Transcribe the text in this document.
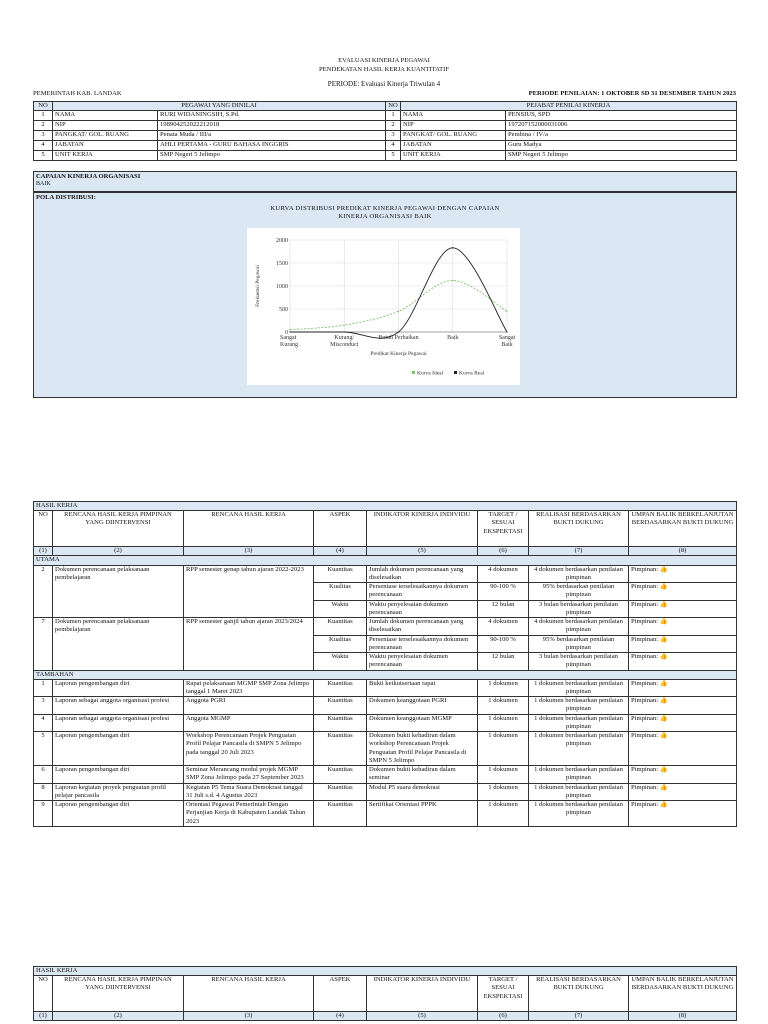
EVALUASI KINERJA PEGAWAI
PENDEKATAN HASIL KERJA KUANTITATIF
PERIODE: Evaluasi Kinerja Triwulan 4
PEMERINTAH KAB. LANDAK	PERIODE PENILAIAN: 1 OKTOBER SD 31 DESEMBER TAHUN 2023
NO	PEGAWAI YANG DINILAI		NO	PEJABAT PENILAI KINERJA	
1	NAMA	RURI WIDANINGSIH, S.Pd.	1	NAMA	PENSIUS, SPD
2	NIP	198904252022212018	2	NIP	197207152000031006
3	PANGKAT/ GOL. RUANG	Penata Muda / III/a	3	PANGKAT/ GOL. RUANG	Pembina / IV/a
4	JABATAN	AHLI PERTAMA - GURU BAHASA INGGRIS	4	JABATAN	Guru Madya
5	UNIT KERJA	SMP Negeri 5 Jelimpo	5	UNIT KERJA	SMP Negeri 5 Jelimpo
CAPAIAN KINERJA ORGANISASI
BAIK
POLA DISTRIBUSI:
KURVA DISTRIBUSI PREDIKAT KINERJA PEGAWAI DENGAN CAPAIAN KINERJA ORGANISASI BAIK
0
500
1000
1500
2000
Sangat Kurang
Kurang/ Misconduct
Butuh Perbaikan	Baik	Sangat Baik
Predikat Kinerja Pegawai
Frekuensi Pegawai
Kurva Ideal	Kurva Real
HASIL KERJA							
NO	RENCANA HASIL KERJA PIMPINAN YANG DIINTERVENSI	RENCANA HASIL KERJA	ASPEK	INDIKATOR KINERJA INDIVIDU	TARGET / SESUAI EKSPEKTASI	REALISASI BERDASARKAN BUKTI DUKUNG	UMPAN BALIK BERKELANJUTAN BERDASARKAN BUKTI DUKUNG
(1)	(2)	(3)	(4)	(5)	(6)	(7)	(8)
UTAMA							
2	Dokumen perencanaan pelaksanaan pembelajaran	RPP semester genap tahun ajaran 2022-2023	Kuantitas	Jumlah dokumen perencanaan yang diselesaikan	4 dokumen	4 dokumen berdasarkan penilaian pimpinan	Pimpinan: 👍
			Kualitas	Persentase terselesaikannya dokumen perencanaan	90-100 %	95% berdasarkan penilaian pimpinan	Pimpinan: 👍
			Waktu	Waktu penyelesaian dokumen perencanaan	12 bulan	3 bulan berdasarkan penilaian pimpinan	Pimpinan: 👍
7	Dokumen perencanaan pelaksanaan pembelajaran	RPP semester ganjil tahun ajaran 2023/2024	Kuantitas	Jumlah dokumen perencanaan yang diselesaikan	4 dokumen	4 dokumen berdasarkan penilaian pimpinan	Pimpinan: 👍
			Kualitas	Persentase terselesaikannya dokumen perencanaan	90-100 %	95% berdasarkan penilaian pimpinan	Pimpinan: 👍
			Waktu	Waktu penyelesaian dokumen perencanaan	12 bulan	3 bulan berdasarkan penilaian pimpinan	Pimpinan: 👍
TAMBAHAN							
1	Laporan pengembangan diri	Rapat pelaksanaan MGMP SMP Zona Jelimpo tanggal 1 Maret 2023	Kuantitas	Bukti keikutsertaan rapat	1 dokumen	1 dokumen berdasarkan penilaian pimpinan	Pimpinan: 👍
3	Laporan sebagai anggota organisasi profesi	Anggota PGRI	Kuantitas	Dokumen keanggotaan PGRI	1 dokumen	1 dokumen berdasarkan penilaian pimpinan	Pimpinan: 👍
4	Laporan sebagai anggota organisasi profesi	Anggota MGMP	Kuantitas	Dokumen keanggotaan MGMP	1 dokumen	1 dokumen berdasarkan penilaian pimpinan	Pimpinan: 👍
5	Laporan pengembangan diri	Workshop Perencanaan Projek Penguatan Profil Pelajar Pancasila di SMPN 5 Jelimpo pada tanggal 20 Juli 2023	Kuantitas	Dokumen bukti kehadiran dalam workshop Perencanaan Projek Penguatan Profil Pelajar Pancasila di SMPN 5 Jelimpo	1 dokumen	1 dokumen berdasarkan penilaian pimpinan	Pimpinan: 👍
6	Laporan pengembangan diri	Seminar Merancang modul projek MGMP SMP Zona Jelimpo pada 27 September 2023	Kuantitas	Dokumen bukti kehadiran dalam seminar	1 dokumen	1 dokumen berdasarkan penilaian pimpinan	Pimpinan: 👍
8	Laporan kegiatan proyek penguatan profil pelajar pancasila	Kegiatan P5 Tema Suara Demokrasi tanggal 31 Juli s.d. 4 Agustus 2023	Kuantitas	Modul P5 suara demokrasi	1 dokumen	1 dokumen berdasarkan penilaian pimpinan	Pimpinan: 👍
9	Laporan pengembangan diri	Orientasi Pegawai Pemerintah Dengan Perjanjian Kerja di Kabupaten Landak Tahun 2023	Kuantitas	Sertifikat Orientasi PPPK	1 dokumen	1 dokumen berdasarkan penilaian pimpinan	Pimpinan: 👍
HASIL KERJA							
NO	RENCANA HASIL KERJA PIMPINAN YANG DIINTERVENSI	RENCANA HASIL KERJA	ASPEK	INDIKATOR KINERJA INDIVIDU	TARGET / SESUAI EKSPEKTASI	REALISASI BERDASARKAN BUKTI DUKUNG	UMPAN BALIK BERKELANJUTAN BERDASARKAN BUKTI DUKUNG
(1)	(2)	(3)	(4)	(5)	(6)	(7)	(8)
